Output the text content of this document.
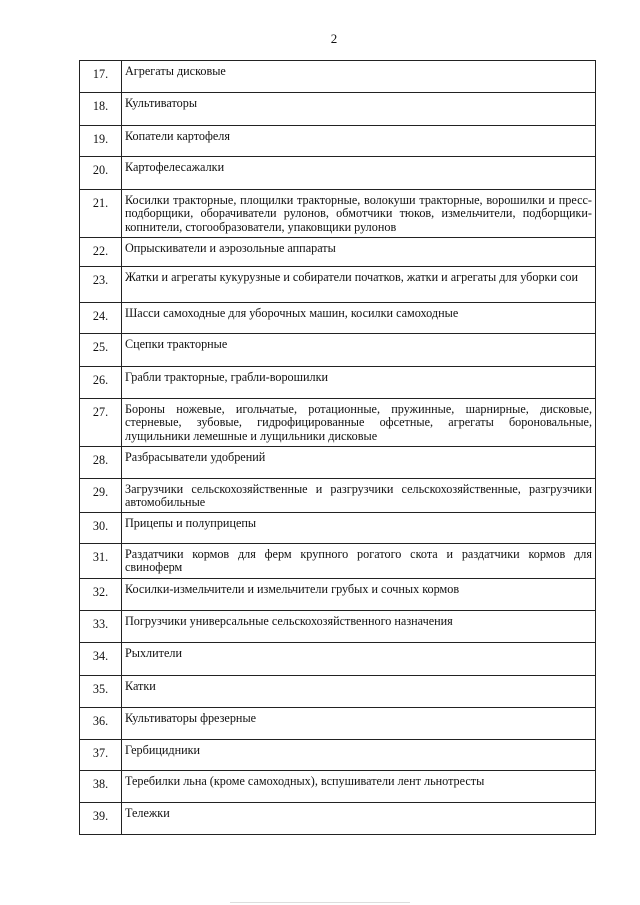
2
17.	Агрегаты дисковые
18.	Культиваторы
19.	Копатели картофеля
20.	Картофелесажалки
21.	Косилки тракторные, площилки тракторные, волокуши тракторные, ворошилки и пресс-подборщики, оборачиватели рулонов, обмотчики тюков, измельчители, подборщики-копнители, стогообразователи, упаковщики рулонов
22.	Опрыскиватели и аэрозольные аппараты
23.	Жатки и агрегаты кукурузные и собиратели початков, жатки и агрегаты для уборки сои
24.	Шасси самоходные для уборочных машин, косилки самоходные
25.	Сцепки тракторные
26.	Грабли тракторные, грабли-ворошилки
27.	Бороны ножевые, игольчатые, ротационные, пружинные, шарнирные, дисковые, стерневые, зубовые, гидрофицированные офсетные, агрегаты бороновальные, лущильники лемешные и лущильники дисковые
28.	Разбрасыватели удобрений
29.	Загрузчики сельскохозяйственные и разгрузчики сельскохозяйственные, разгрузчики автомобильные
30.	Прицепы и полуприцепы
31.	Раздатчики кормов для ферм крупного рогатого скота и раздатчики кормов для свиноферм
32.	Косилки-измельчители и измельчители грубых и сочных кормов
33.	Погрузчики универсальные сельскохозяйственного назначения
34.	Рыхлители
35.	Катки
36.	Культиваторы фрезерные
37.	Гербицидники
38.	Теребилки льна (кроме самоходных), вспушиватели лент льнотресты
39.	Тележки
